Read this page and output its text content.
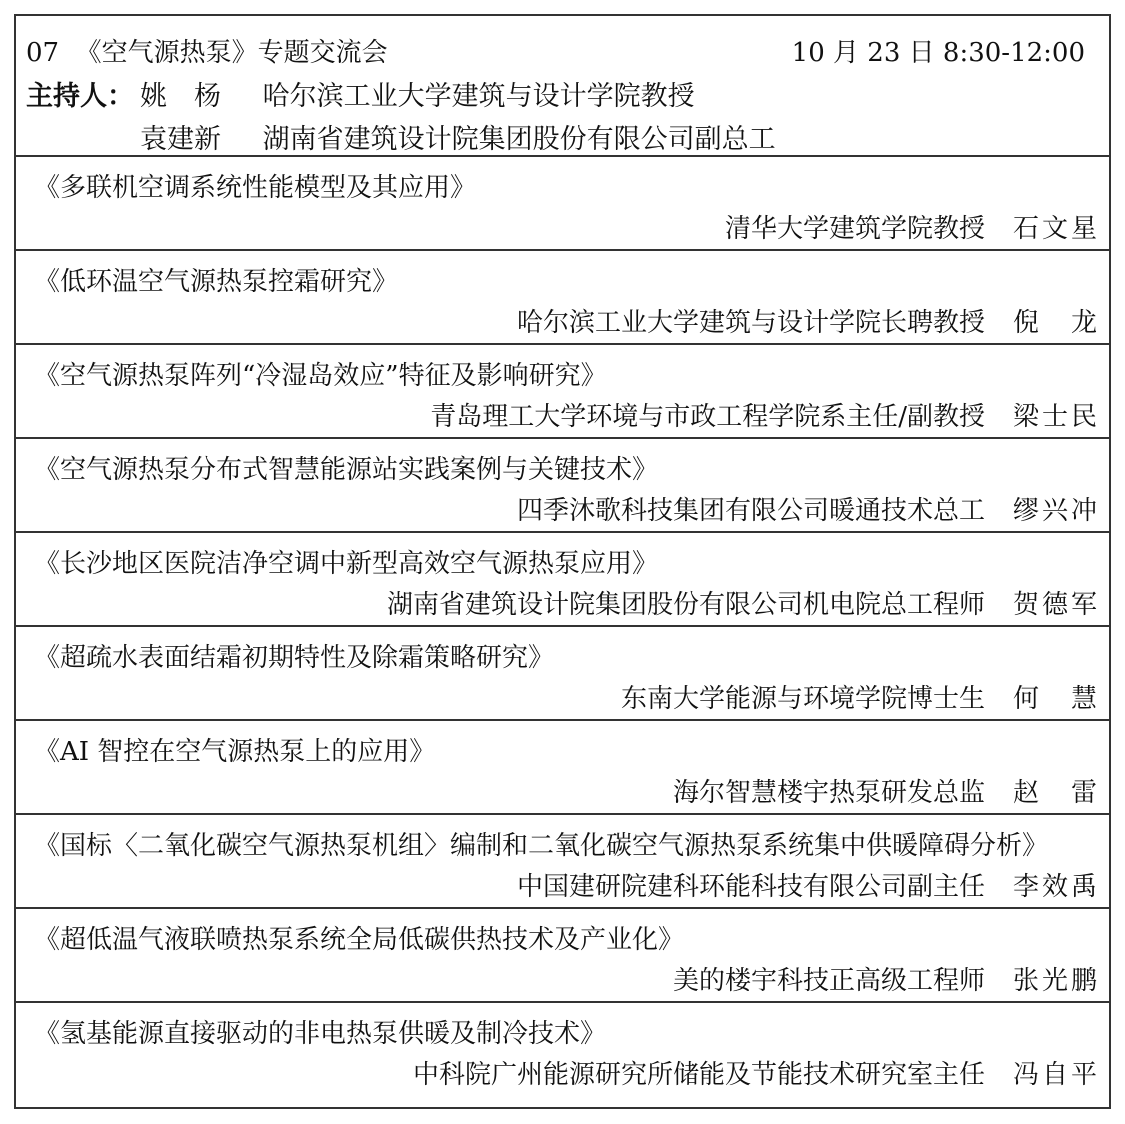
07 《空气源热泵》专题交流会	10 月 23 日 8:30-12:00
主持人： 姚　杨 哈尔滨工业大学建筑与设计学院教授
袁建新 湖南省建筑设计院集团股份有限公司副总工
《多联机空调系统性能模型及其应用》
清华大学建筑学院教授 石文星
《低环温空气源热泵控霜研究》
哈尔滨工业大学建筑与设计学院长聘教授 倪　龙
《空气源热泵阵列“冷湿岛效应”特征及影响研究》
青岛理工大学环境与市政工程学院系主任/副教授 梁士民
《空气源热泵分布式智慧能源站实践案例与关键技术》
四季沐歌科技集团有限公司暖通技术总工 缪兴冲
《长沙地区医院洁净空调中新型高效空气源热泵应用》
湖南省建筑设计院集团股份有限公司机电院总工程师 贺德军
《超疏水表面结霜初期特性及除霜策略研究》
东南大学能源与环境学院博士生 何　慧
《AI 智控在空气源热泵上的应用》
海尔智慧楼宇热泵研发总监 赵　雷
《国标〈二氧化碳空气源热泵机组〉编制和二氧化碳空气源热泵系统集中供暖障碍分析》
中国建研院建科环能科技有限公司副主任 李效禹
《超低温气液联喷热泵系统全局低碳供热技术及产业化》
美的楼宇科技正高级工程师 张光鹏
《氢基能源直接驱动的非电热泵供暖及制冷技术》
中科院广州能源研究所储能及节能技术研究室主任 冯自平
